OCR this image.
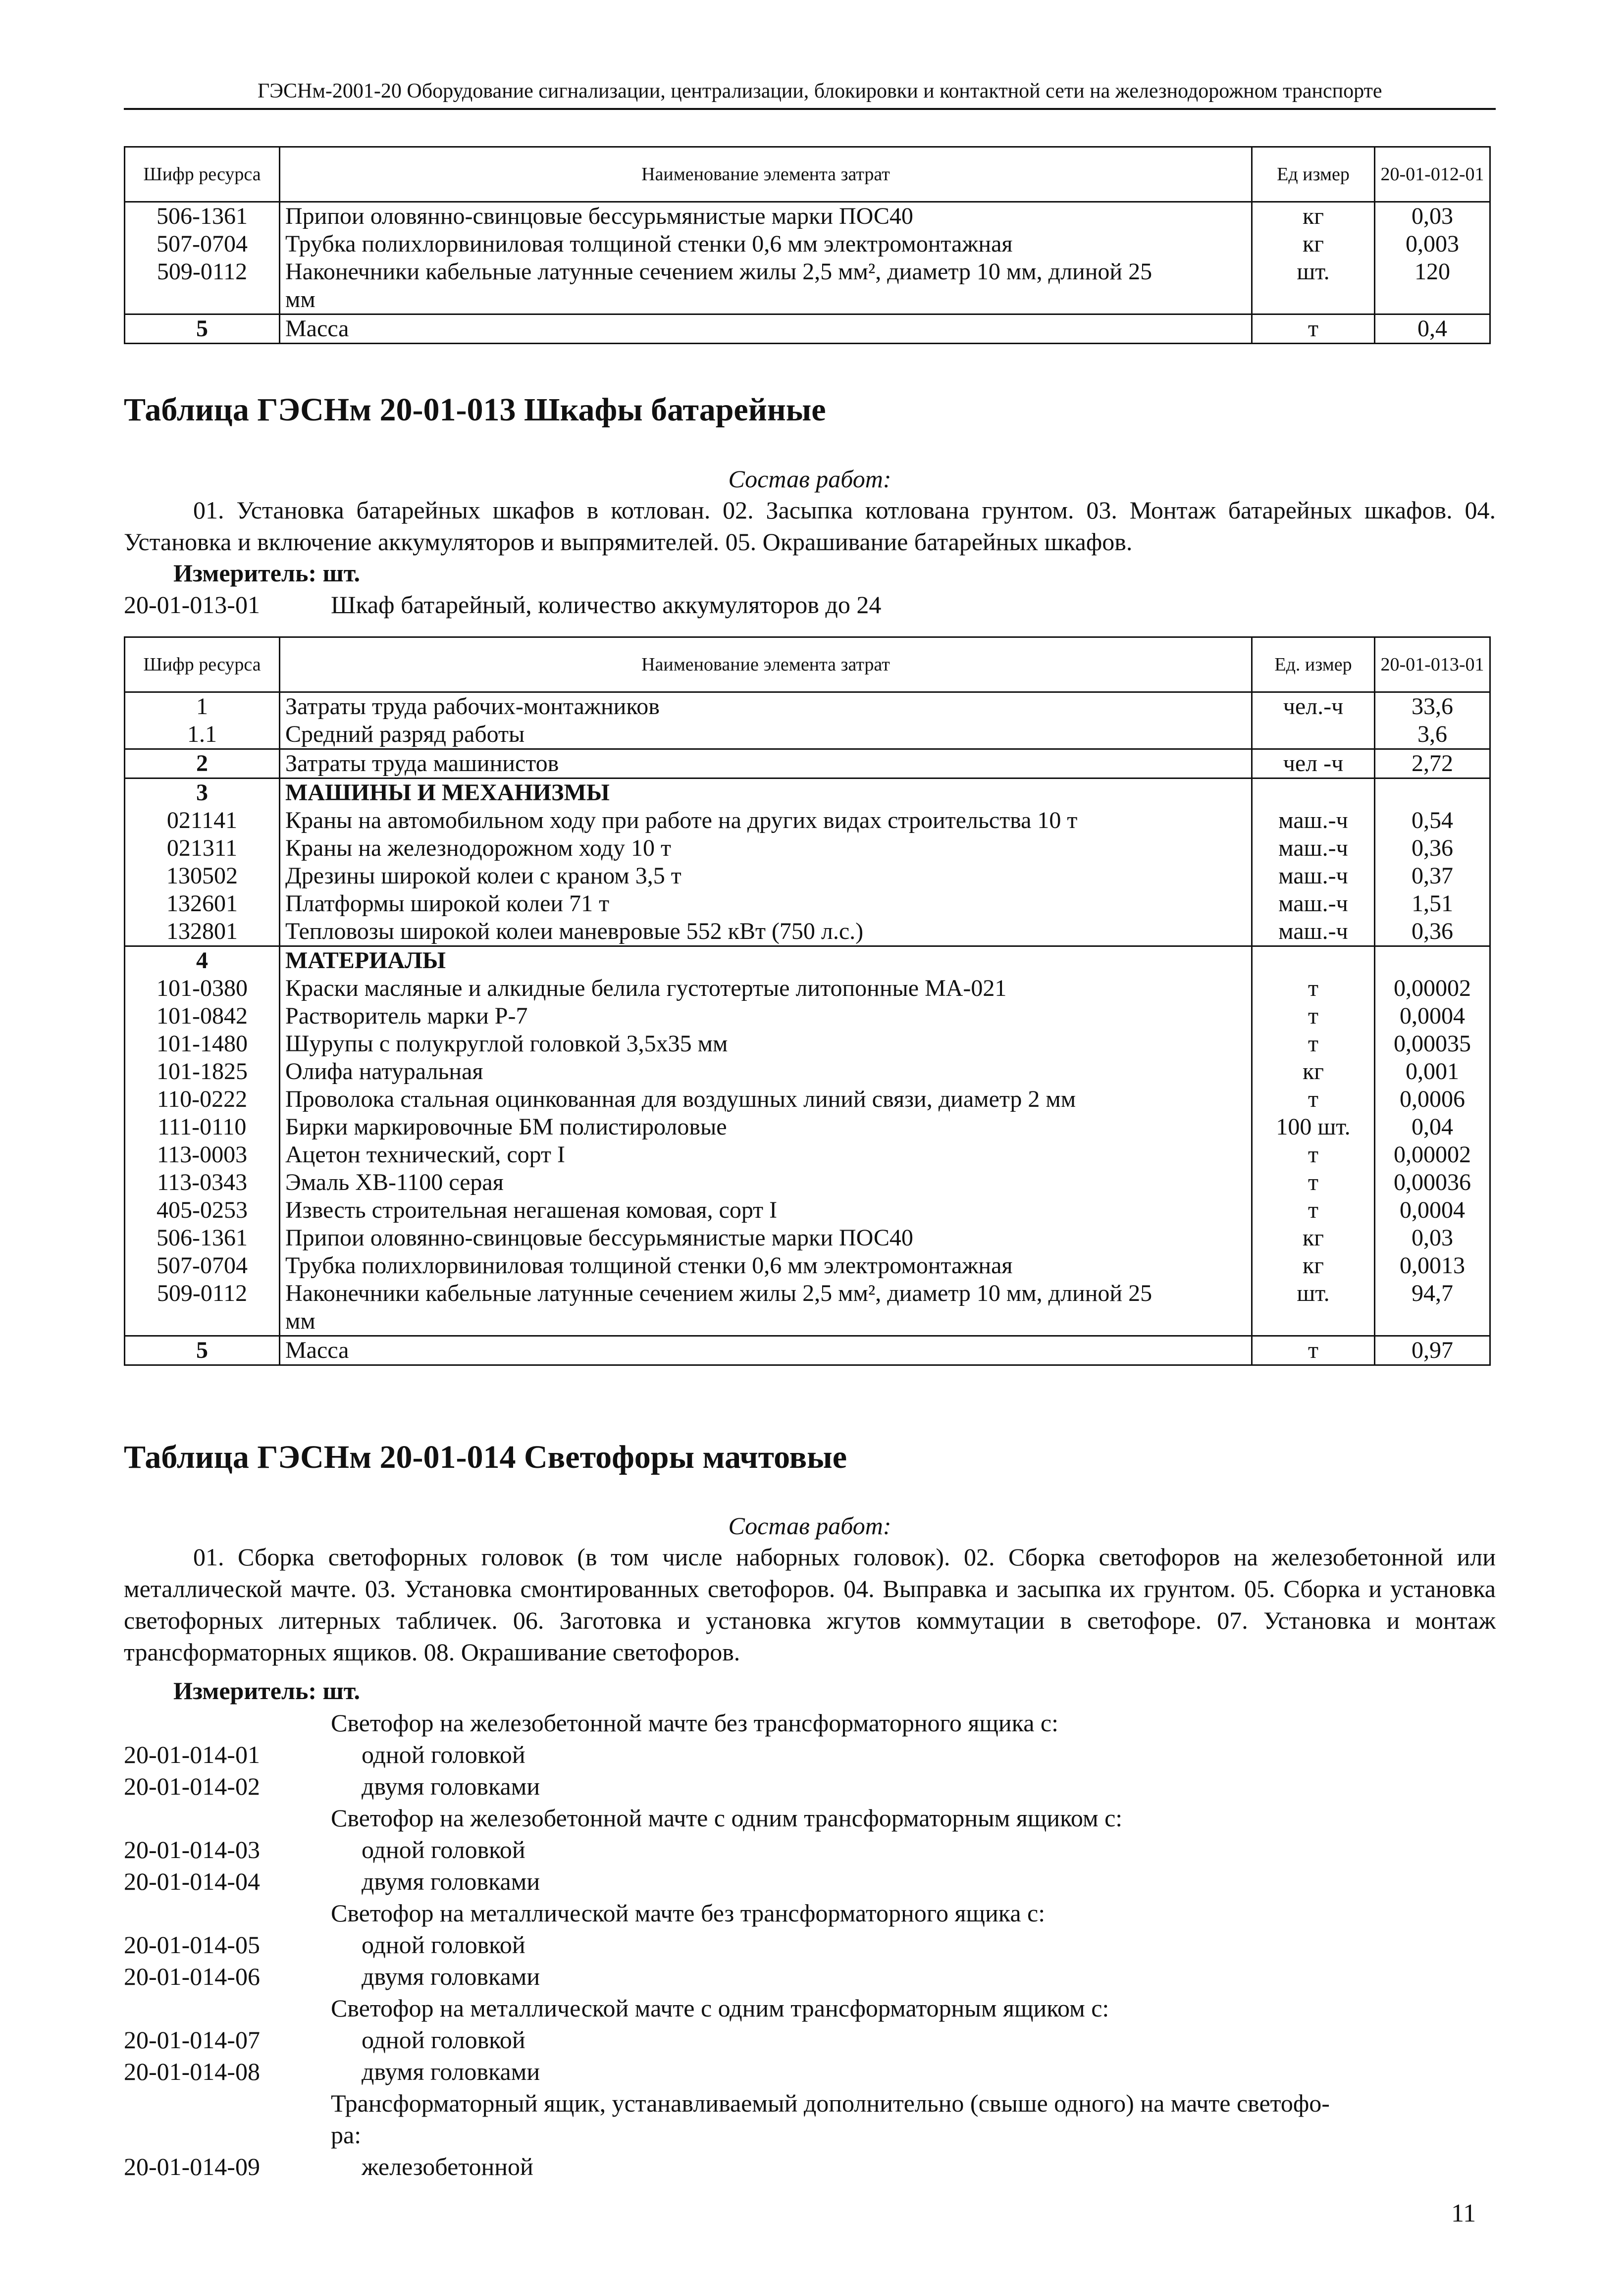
ГЭСНм-2001-20 Оборудование сигнализации, централизации, блокировки и контактной сети на железнодорожном транспорте
Шифр ресурса	Наименование элемента затрат	Ед измер	20-01-012-01
506-1361	Припои оловянно-свинцовые бессурьмянистые марки ПОС40	кг	0,03
507-0704	Трубка полихлорвиниловая толщиной стенки 0,6 мм электромонтажная	кг	0,003
509-0112	Наконечники кабельные латунные сечением жилы 2,5 мм², диаметр 10 мм, длиной 25	шт.	120
	мм		
5	Масса	т	0,4
Таблица ГЭСНм 20-01-013 Шкафы батарейные
Состав работ:
01. Установка батарейных шкафов в котлован. 02. Засыпка котлована грунтом. 03. Монтаж батарейных шкафов. 04. Установка и включение аккумуляторов и выпрямителей. 05. Окрашивание батарейных шкафов.
Измеритель: шт.
20-01-013-01	Шкаф батарейный, количество аккумуляторов до 24
Шифр ресурса	Наименование элемента затрат	Ед. измер	20-01-013-01
1	Затраты труда рабочих-монтажников	чел.-ч	33,6
1.1	Средний разряд работы		3,6
2	Затраты труда машинистов	чел -ч	2,72
3	МАШИНЫ И МЕХАНИЗМЫ		
021141	Краны на автомобильном ходу при работе на других видах строительства 10 т	маш.-ч	0,54
021311	Краны на железнодорожном ходу 10 т	маш.-ч	0,36
130502	Дрезины широкой колеи с краном 3,5 т	маш.-ч	0,37
132601	Платформы широкой колеи 71 т	маш.-ч	1,51
132801	Тепловозы широкой колеи маневровые 552 кВт (750 л.с.)	маш.-ч	0,36
4	МАТЕРИАЛЫ		
101-0380	Краски масляные и алкидные белила густотертые литопонные МА-021	т	0,00002
101-0842	Растворитель марки Р-7	т	0,0004
101-1480	Шурупы с полукруглой головкой 3,5х35 мм	т	0,00035
101-1825	Олифа натуральная	кг	0,001
110-0222	Проволока стальная оцинкованная для воздушных линий связи, диаметр 2 мм	т	0,0006
111-0110	Бирки маркировочные БМ полистироловые	100 шт.	0,04
113-0003	Ацетон технический, сорт I	т	0,00002
113-0343	Эмаль ХВ-1100 серая	т	0,00036
405-0253	Известь строительная негашеная комовая, сорт I	т	0,0004
506-1361	Припои оловянно-свинцовые бессурьмянистые марки ПОС40	кг	0,03
507-0704	Трубка полихлорвиниловая толщиной стенки 0,6 мм электромонтажная	кг	0,0013
509-0112	Наконечники кабельные латунные сечением жилы 2,5 мм², диаметр 10 мм, длиной 25	шт.	94,7
	мм		
5	Масса	т	0,97
Таблица ГЭСНм 20-01-014 Светофоры мачтовые
Состав работ:
01. Сборка светофорных головок (в том числе наборных головок). 02. Сборка светофоров на железобетонной или металлической мачте. 03. Установка смонтированных светофоров. 04. Выправка и засыпка их грунтом. 05. Сборка и установка светофорных литерных табличек. 06. Заготовка и установка жгутов коммутации в светофоре. 07. Установка и монтаж трансформаторных ящиков. 08. Окрашивание светофоров.
Измеритель: шт.
Светофор на железобетонной мачте без трансформаторного ящика с:
20-01-014-01	одной головкой
20-01-014-02	двумя головками
Светофор на железобетонной мачте с одним трансформаторным ящиком с:
20-01-014-03	одной головкой
20-01-014-04	двумя головками
Светофор на металлической мачте без трансформаторного ящика с:
20-01-014-05	одной головкой
20-01-014-06	двумя головками
Светофор на металлической мачте с одним трансформаторным ящиком с:
20-01-014-07	одной головкой
20-01-014-08	двумя головками
Трансформаторный ящик, устанавливаемый дополнительно (свыше одного) на мачте светофо-
ра:
20-01-014-09	железобетонной
11
